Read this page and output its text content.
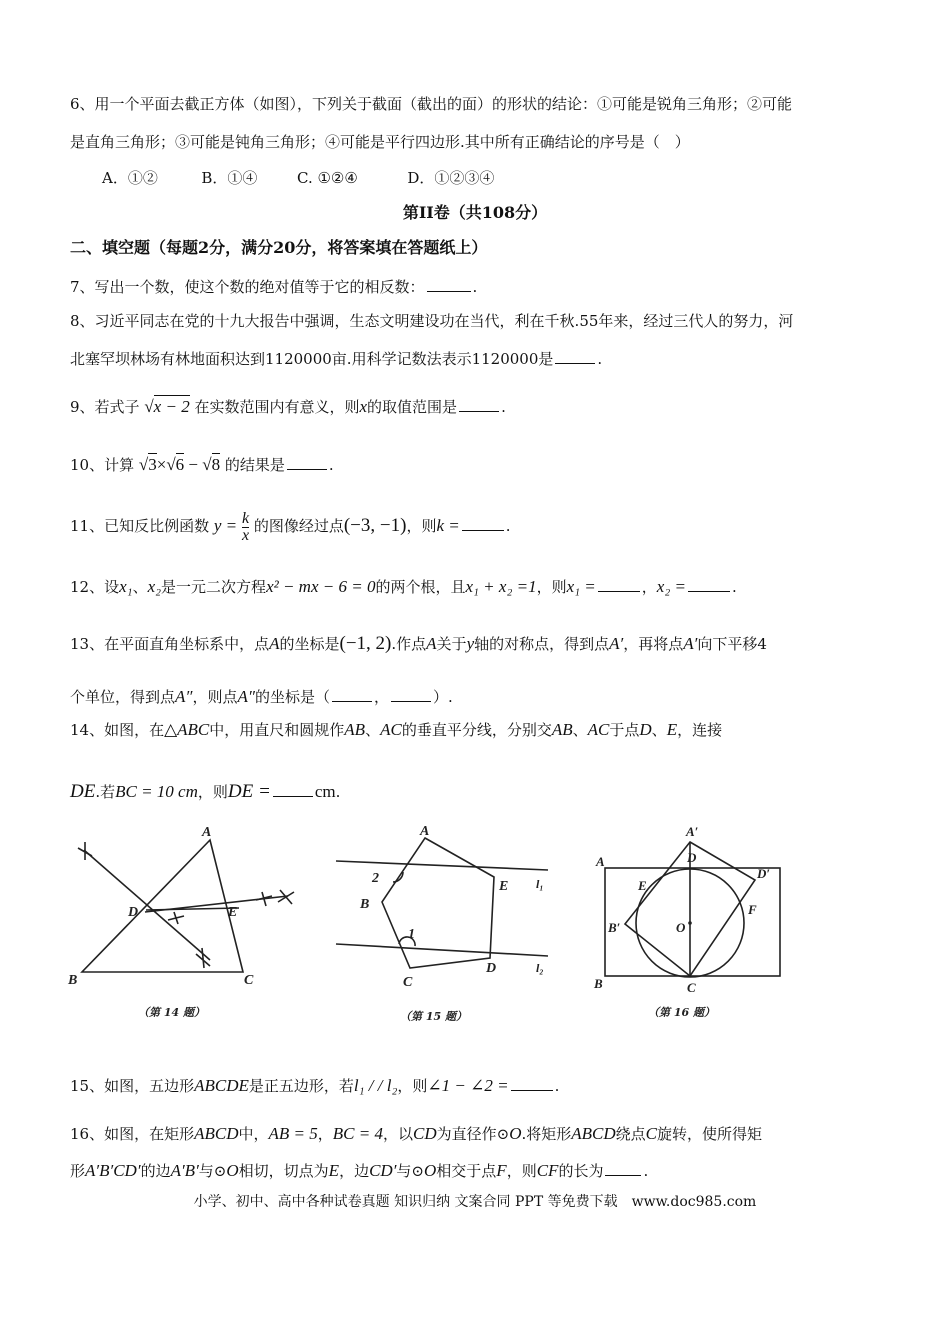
6、用一个平面去截正方体（如图），下列关于截面（截出的面）的形状的结论：①可能是锐角三角形；②可能
是直角三角形；③可能是钝角三角形；④可能是平行四边形.其中所有正确结论的序号是（　）
A．①②	B．①④	C. ①②④	D．①②③④
第II卷（共108分）
二、填空题（每题2分，满分20分，将答案填在答题纸上）
7、写出一个数，使这个数的绝对值等于它的相反数：	.
8、习近平同志在党的十九大报告中强调，生态文明建设功在当代，利在千秋.55年来，经过三代人的努力，河
北塞罕坝林场有林地面积达到1120000亩.用科学记数法表示1120000是	.
9、若式子 √x − 2 在实数范围内有意义，则x的取值范围是	.
10、计算 √3×√6 − √8 的结果是	.
11、已知反比例函数 $y = \frac{k}{x}$ 的图像经过点(−3, −1)，则k =	.
12、设x₁、x₂是一元二次方程x² − mx − 6 = 0的两个根，且x₁ + x₂ =1，则x₁ =	，x₂ =	.
13、在平面直角坐标系中，点A的坐标是(−1, 2).作点A关于y轴的对称点，得到点A′，再将点A′向下平移4
个单位，得到点A″，则点A″的坐标是（	，	）.
14、如图，在△ABC中，用直尺和圆规作AB、AC的垂直平分线，分别交AB、AC于点D、E，连接
DE.若BC = 10 cm，则DE =	cm.
A
B	C
D	E
（第 14 题）
A
B
C
D
E
1
2	l₁
l₂
（第 15 题）
A
A′
B
B′
C
D
D′
E
F
O
（第 16 题）
15、如图，五边形ABCDE是正五边形，若l₁ / / l₂，则∠1 − ∠2 =	.
16、如图，在矩形ABCD中，AB = 5，BC = 4，以CD为直径作⊙O.将矩形ABCD绕点C旋转，使所得矩
形A′B′CD′的边A′B′与⊙O相切，切点为E，边CD′与⊙O相交于点F，则CF的长为	.
小学、初中、高中各种试卷真题 知识归纳 文案合同 PPT 等免费下载　www.doc985.com
